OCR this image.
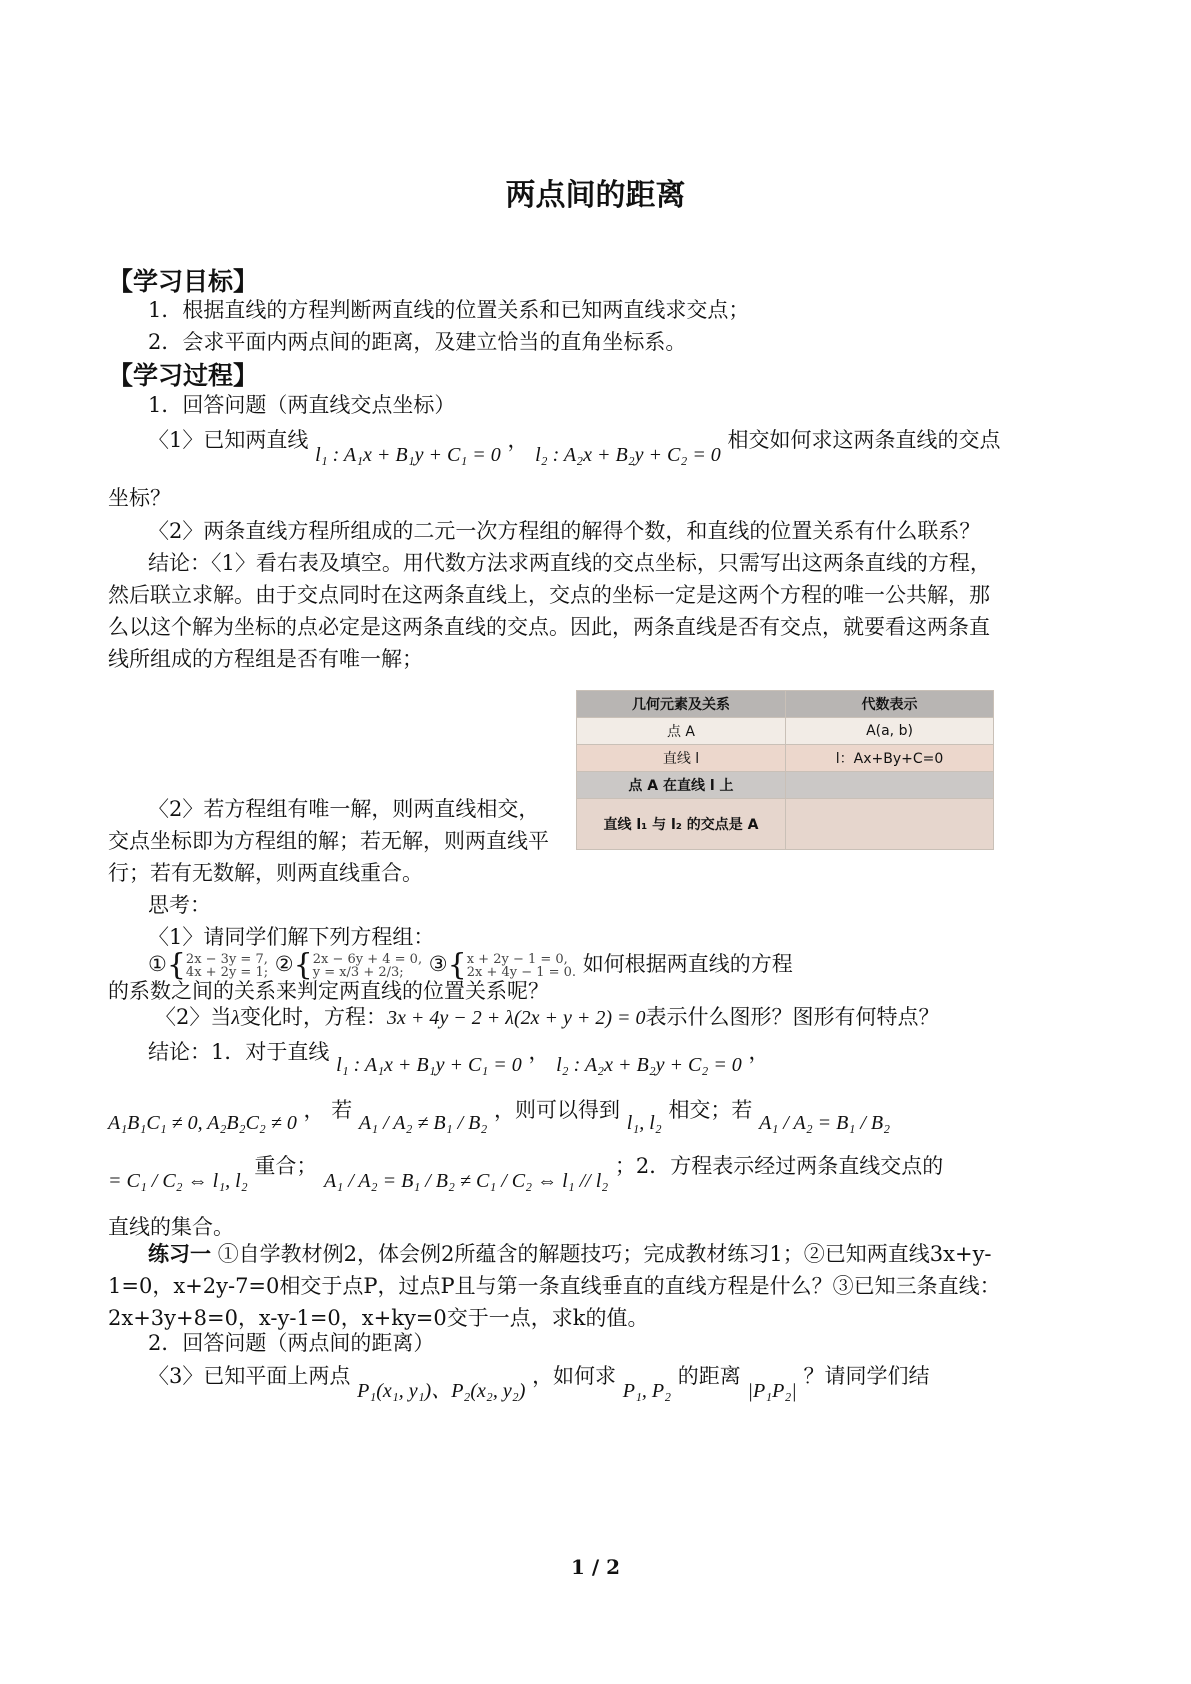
两点间的距离
【学习目标】
1．根据直线的方程判断两直线的位置关系和已知两直线求交点；
2．会求平面内两点间的距离，及建立恰当的直角坐标系。
【学习过程】
1．回答问题（两直线交点坐标）
〈1〉已知两直线 l₁ : A₁x + B₁y + C₁ = 0 ， l₂ : A₂x + B₂y + C₂ = 0 相交如何求这两条直线的交点
坐标？
〈2〉两条直线方程所组成的二元一次方程组的解得个数，和直线的位置关系有什么联系？
结论：〈1〉看右表及填空。用代数方法求两直线的交点坐标，只需写出这两条直线的方程，然后联立求解。由于交点同时在这两条直线上，交点的坐标一定是这两个方程的唯一公共解，那么以这个解为坐标的点必定是这两条直线的交点。因此，两条直线是否有交点，就要看这两条直线所组成的方程组是否有唯一解；
几何元素及关系	代数表示
点 A	A(a, b)
直线 l	l：Ax+By+C=0
点 A 在直线 l 上	
直线 l₁ 与 l₂ 的交点是 A	
〈2〉若方程组有唯一解，则两直线相交，交点坐标即为方程组的解；若无解，则两直线平行；若有无数解，则两直线重合。
思考：
〈1〉请同学们解下列方程组：
①{2x − 3y = 7,
4x + 2y = 1; ②{2x − 6y + 4 = 0,
y = x/3 + 2/3; ③{x + 2y − 1 = 0,
2x + 4y − 1 = 0. 如何根据两直线的方程
的系数之间的关系来判定两直线的位置关系呢？
〈2〉当λ变化时，方程：3x + 4y − 2 + λ(2x + y + 2) = 0表示什么图形？图形有何特点？
结论：1．对于直线 l₁ : A₁x + B₁y + C₁ = 0 ， l₂ : A₂x + B₂y + C₂ = 0 ，
A₁B₁C₁ ≠ 0, A₂B₂C₂ ≠ 0 ， 若 A₁ / A₂ ≠ B₁ / B₂ ，则可以得到 l₁, l₂ 相交；若 A₁ / A₂ = B₁ / B₂
= C₁ / C₂ ⇔ l₁, l₂ 重合； A₁ / A₂ = B₁ / B₂ ≠ C₁ / C₂ ⇔ l₁ // l₂ ；2．方程表示经过两条直线交点的
直线的集合。
练习一 ①自学教材例2，体会例2所蕴含的解题技巧；完成教材练习1；②已知两直线3x+y-1=0，x+2y-7=0相交于点P，过点P且与第一条直线垂直的直线方程是什么？③已知三条直线：2x+3y+8=0，x-y-1=0，x+ky=0交于一点，求k的值。
2．回答问题（两点间的距离）
〈3〉已知平面上两点 P₁(x₁, y₁)、P₂(x₂, y₂) ，如何求 P₁, P₂ 的距离 |P₁P₂| ？请同学们结
1 / 2
